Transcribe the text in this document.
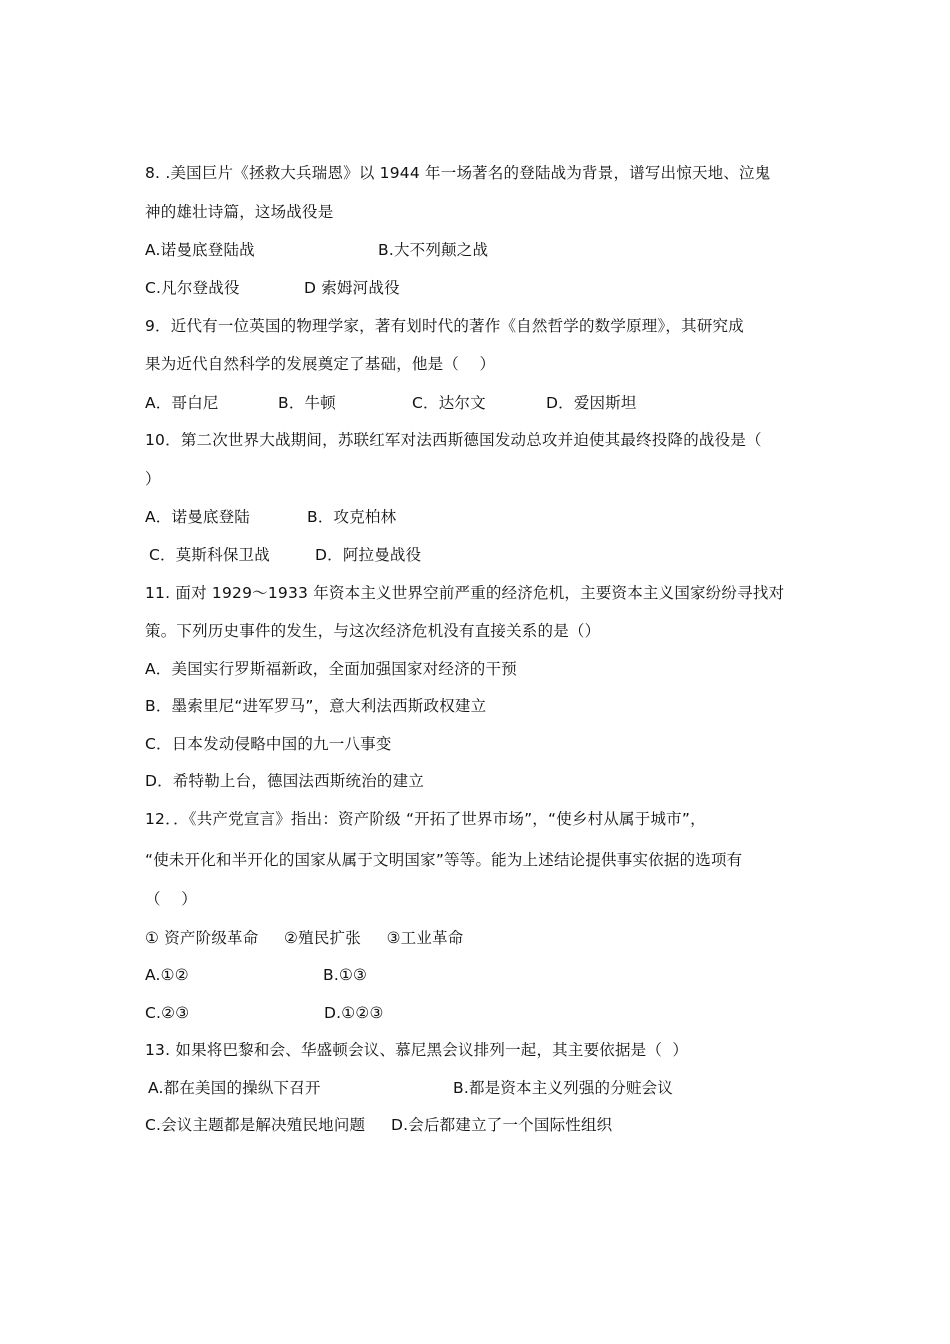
8. .美国巨片《拯救大兵瑞恩》以 1944 年一场著名的登陆战为背景，谱写出惊天地、泣鬼
神的雄壮诗篇，这场战役是
A.诺曼底登陆战	B.大不列颠之战
C.凡尔登战役	D 索姆河战役
9．近代有一位英国的物理学家，著有划时代的著作《自然哲学的数学原理》，其研究成
果为近代自然科学的发展奠定了基础，他是（    ）
A．哥白尼	B．牛顿	C．达尔文	D．爱因斯坦
10．第二次世界大战期间，苏联红军对法西斯德国发动总攻并迫使其最终投降的战役是（
）
A．诺曼底登陆	B．攻克柏林
C．莫斯科保卫战	D．阿拉曼战役
11. 面对 1929～1933 年资本主义世界空前严重的经济危机，主要资本主义国家纷纷寻找对
策。下列历史事件的发生，与这次经济危机没有直接关系的是（）
A．美国实行罗斯福新政，全面加强国家对经济的干预
B．墨索里尼“进军罗马”，意大利法西斯政权建立
C．日本发动侵略中国的九一八事变
D．希特勒上台，德国法西斯统治的建立
12．．《共产党宣言》指出：资产阶级 “开拓了世界市场”，“使乡村从属于城市”，
“使未开化和半开化的国家从属于文明国家”等等。能为上述结论提供事实依据的选项有
（    ）
① 资产阶级革命     ②殖民扩张     ③工业革命
A.①②	B.①③
C.②③	D.①②③
13. 如果将巴黎和会、华盛顿会议、慕尼黑会议排列一起，其主要依据是（  ）
A.都在美国的操纵下召开	B.都是资本主义列强的分赃会议
C.会议主题都是解决殖民地问题 D.会后都建立了一个国际性组织
